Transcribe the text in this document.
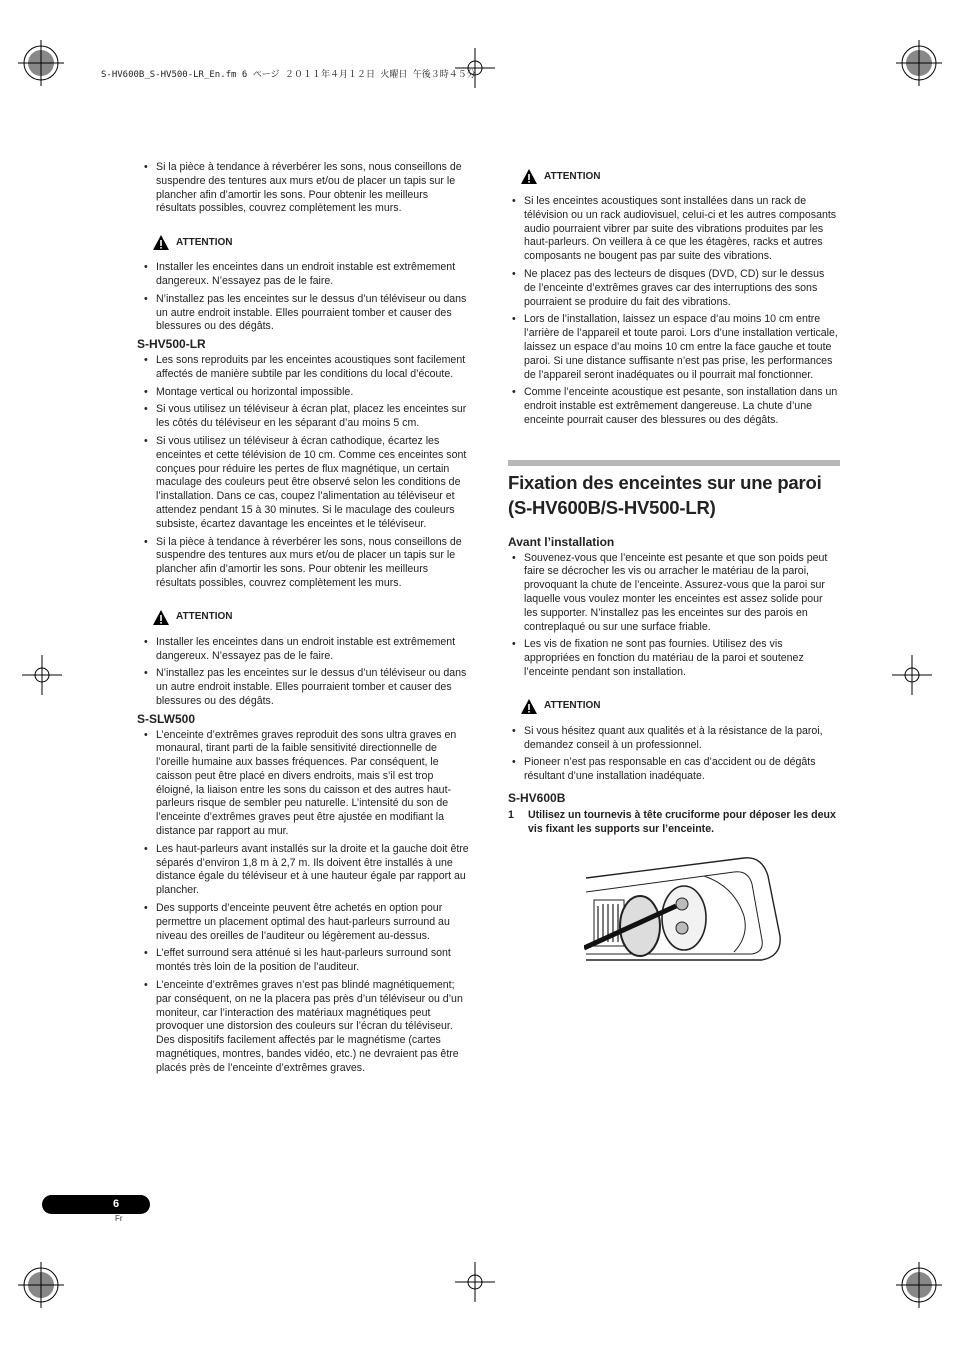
S-HV600B_S-HV500-LR_En.fm 6 ページ ２０１１年４月１２日 火曜日 午後３時４５分
• Si la pièce à tendance à réverbérer les sons, nous conseillons de suspendre des tentures aux murs et/ou de placer un tapis sur le plancher afin d’amortir les sons. Pour obtenir les meilleurs résultats possibles, couvrez complètement les murs.
ATTENTION
• Installer les enceintes dans un endroit instable est extrêmement dangereux. N’essayez pas de le faire.
• N’installez pas les enceintes sur le dessus d’un téléviseur ou dans un autre endroit instable. Elles pourraient tomber et causer des blessures ou des dégâts.
S-HV500-LR
• Les sons reproduits par les enceintes acoustiques sont facilement affectés de manière subtile par les conditions du local d’écoute.
• Montage vertical ou horizontal impossible.
• Si vous utilisez un téléviseur à écran plat, placez les enceintes sur les côtés du téléviseur en les séparant d’au moins 5 cm.
• Si vous utilisez un téléviseur à écran cathodique, écartez les enceintes et cette télévision de 10 cm. Comme ces enceintes sont conçues pour réduire les pertes de flux magnétique, un certain maculage des couleurs peut être observé selon les conditions de l’installation. Dans ce cas, coupez l’alimentation au téléviseur et attendez pendant 15 à 30 minutes. Si le maculage des couleurs subsiste, écartez davantage les enceintes et le téléviseur.
• Si la pièce à tendance à réverbérer les sons, nous conseillons de suspendre des tentures aux murs et/ou de placer un tapis sur le plancher afin d’amortir les sons. Pour obtenir les meilleurs résultats possibles, couvrez complètement les murs.
ATTENTION
• Installer les enceintes dans un endroit instable est extrêmement dangereux. N’essayez pas de le faire.
• N’installez pas les enceintes sur le dessus d’un téléviseur ou dans un autre endroit instable. Elles pourraient tomber et causer des blessures ou des dégâts.
S-SLW500
• L’enceinte d’extrêmes graves reproduit des sons ultra graves en monaural, tirant parti de la faible sensitivité directionnelle de l’oreille humaine aux basses fréquences. Par conséquent, le caisson peut être placé en divers endroits, mais s’il est trop éloigné, la liaison entre les sons du caisson et des autres haut-parleurs risque de sembler peu naturelle. L’intensité du son de l’enceinte d’extrêmes graves peut être ajustée en modifiant la distance par rapport au mur.
• Les haut-parleurs avant installés sur la droite et la gauche doit être séparés d’environ 1,8 m à 2,7 m. Ils doivent être installés à une distance égale du téléviseur et à une hauteur égale par rapport au plancher.
• Des supports d’enceinte peuvent être achetés en option pour permettre un placement optimal des haut-parleurs surround au niveau des oreilles de l’auditeur ou légèrement au-dessus.
• L’effet surround sera atténué si les haut-parleurs surround sont montés très loin de la position de l’auditeur.
• L’enceinte d’extrêmes graves n’est pas blindé magnétiquement; par conséquent, on ne la placera pas près d’un téléviseur ou d’un moniteur, car l’interaction des matériaux magnétiques peut provoquer une distorsion des couleurs sur l’écran du téléviseur. Des dispositifs facilement affectés par le magnétisme (cartes magnétiques, montres, bandes vidéo, etc.) ne devraient pas être placés près de l’enceinte d’extrêmes graves.
ATTENTION
• Si les enceintes acoustiques sont installées dans un rack de télévision ou un rack audiovisuel, celui-ci et les autres composants audio pourraient vibrer par suite des vibrations produites par les haut-parleurs. On veillera à ce que les étagères, racks et autres composants ne bougent pas par suite des vibrations.
• Ne placez pas des lecteurs de disques (DVD, CD) sur le dessus de l’enceinte d’extrêmes graves car des interruptions des sons pourraient se produire du fait des vibrations.
• Lors de l’installation, laissez un espace d’au moins 10 cm entre l’arrière de l’appareil et toute paroi. Lors d’une installation verticale, laissez un espace d’au moins 10 cm entre la face gauche et toute paroi. Si une distance suffisante n’est pas prise, les performances de l’appareil seront inadéquates ou il pourrait mal fonctionner.
• Comme l’enceinte acoustique est pesante, son installation dans un endroit instable est extrêmement dangereuse. La chute d’une enceinte pourrait causer des blessures ou des dégâts.
Fixation des enceintes sur une paroi
(S-HV600B/S-HV500-LR)
Avant l’installation
• Souvenez-vous que l’enceinte est pesante et que son poids peut faire se décrocher les vis ou arracher le matériau de la paroi, provoquant la chute de l’enceinte. Assurez-vous que la paroi sur laquelle vous voulez monter les enceintes est assez solide pour les supporter. N’installez pas les enceintes sur des parois en contreplaqué ou sur une surface friable.
• Les vis de fixation ne sont pas fournies. Utilisez des vis appropriées en fonction du matériau de la paroi et soutenez l’enceinte pendant son installation.
ATTENTION
• Si vous hésitez quant aux qualités et à la résistance de la paroi, demandez conseil à un professionnel.
• Pioneer n’est pas responsable en cas d’accident ou de dégâts résultant d’une installation inadéquate.
S-HV600B
1	Utilisez un tournevis à tête cruciforme pour déposer les deux vis fixant les supports sur l’enceinte.
6
Fr
